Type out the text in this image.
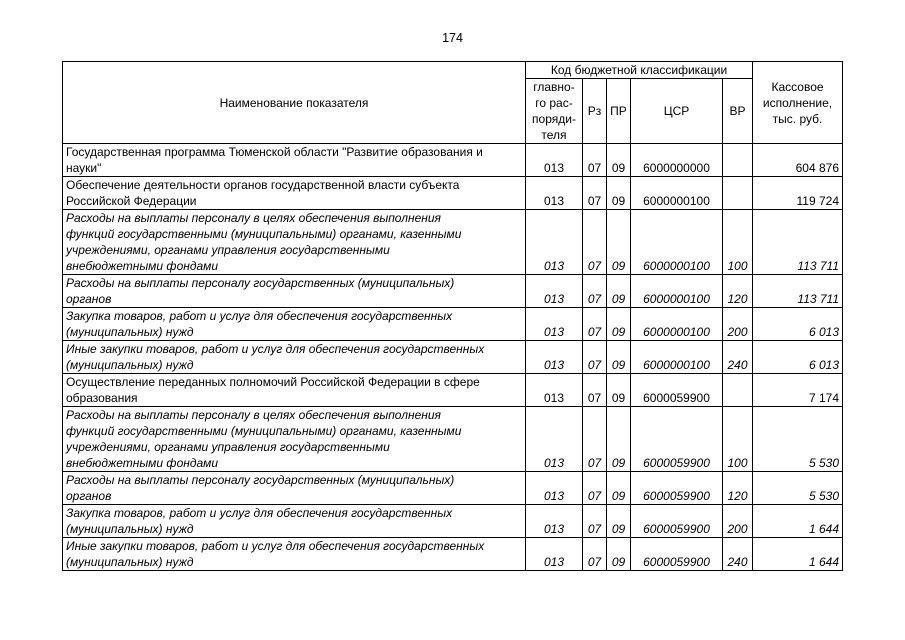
174
Наименование показателя	Код бюджетной классификации					Кассовое
исполнение,
тыс. руб.

	главно-
го рас-
поряди-
теля	Рз	ПР	ЦСР	ВР	

Государственная программа Тюменской области "Развитие образования и
науки"	013	07	09	6000000000		604 876

Обеспечение деятельности органов государственной власти субъекта
Российской Федерации	013	07	09	6000000100		119 724

Расходы на выплаты персоналу в целях обеспечения выполнения
функций государственными (муниципальными) органами, казенными
учреждениями, органами управления государственными
внебюджетными фондами	013	07	09	6000000100	100	113 711

Расходы на выплаты персоналу государственных (муниципальных)
органов	013	07	09	6000000100	120	113 711

Закупка товаров, работ и услуг для обеспечения государственных
(муниципальных) нужд	013	07	09	6000000100	200	6 013

Иные закупки товаров, работ и услуг для обеспечения государственных
(муниципальных) нужд	013	07	09	6000000100	240	6 013

Осуществление переданных полномочий Российской Федерации в сфере
образования	013	07	09	6000059900		7 174

Расходы на выплаты персоналу в целях обеспечения выполнения
функций государственными (муниципальными) органами, казенными
учреждениями, органами управления государственными
внебюджетными фондами	013	07	09	6000059900	100	5 530

Расходы на выплаты персоналу государственных (муниципальных)
органов	013	07	09	6000059900	120	5 530

Закупка товаров, работ и услуг для обеспечения государственных
(муниципальных) нужд	013	07	09	6000059900	200	1 644

Иные закупки товаров, работ и услуг для обеспечения государственных
(муниципальных) нужд	013	07	09	6000059900	240	1 644
